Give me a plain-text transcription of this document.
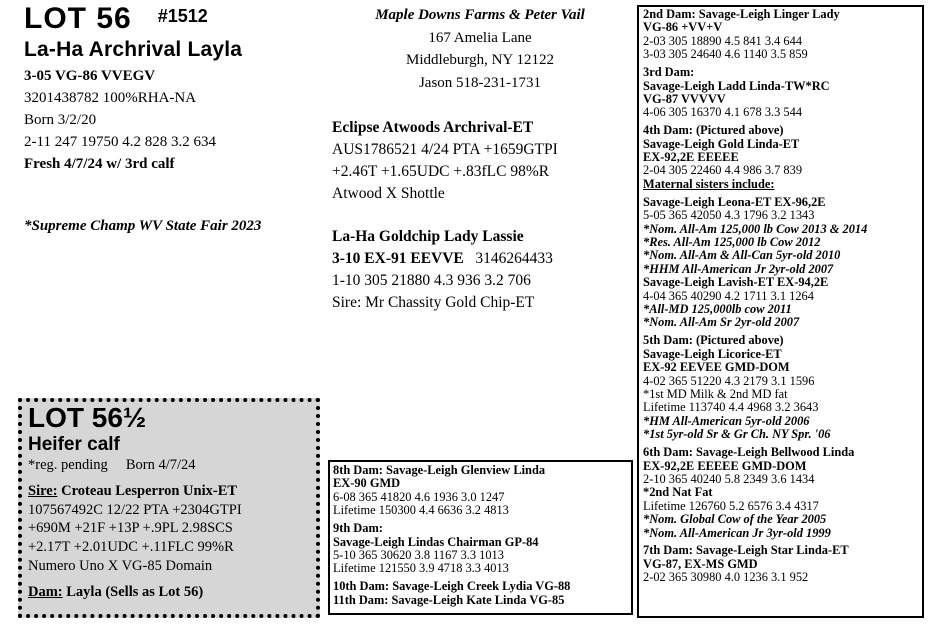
LOT 56 #1512
La-Ha Archrival Layla
3-05 VG-86 VVEGV
3201438782 100%RHA-NA
Born 3/2/20
2-11 247 19750 4.2 828 3.2 634
Fresh 4/7/24 w/ 3rd calf
*Supreme Champ WV State Fair 2023
Maple Downs Farms & Peter Vail
167 Amelia Lane
Middleburgh, NY 12122
Jason 518-231-1731
Eclipse Atwoods Archrival-ET
AUS1786521 4/24 PTA +1659GTPI
+2.46T +1.65UDC +.83fLC 98%R
Atwood X Shottle
La-Ha Goldchip Lady Lassie
3-10 EX-91 EEVVE 3146264433
1-10 305 21880 4.3 936 3.2 706
Sire: Mr Chassity Gold Chip-ET
2nd Dam: Savage-Leigh Linger Lady
VG-86 +VV+V
2-03 305 18890 4.5 841 3.4 644
3-03 305 24640 4.6 1140 3.5 859
3rd Dam:
Savage-Leigh Ladd Linda-TW*RC
VG-87 VVVVV
4-06 305 16370 4.1 678 3.3 544
4th Dam: (Pictured above)
Savage-Leigh Gold Linda-ET
EX-92,2E EEEEE
2-04 305 22460 4.4 986 3.7 839
Maternal sisters include:
Savage-Leigh Leona-ET EX-96,2E
5-05 365 42050 4.3 1796 3.2 1343
*Nom. All-Am 125,000 lb Cow 2013 & 2014
*Res. All-Am 125,000 lb Cow 2012
*Nom. All-Am & All-Can 5yr-old 2010
*HHM All-American Jr 2yr-old 2007
Savage-Leigh Lavish-ET EX-94,2E
4-04 365 40290 4.2 1711 3.1 1264
*All-MD 125,000lb cow 2011
*Nom. All-Am Sr 2yr-old 2007
5th Dam: (Pictured above)
Savage-Leigh Licorice-ET
EX-92 EEVEE GMD-DOM
4-02 365 51220 4.3 2179 3.1 1596
*1st MD Milk & 2nd MD fat
Lifetime 113740 4.4 4968 3.2 3643
*HM All-American 5yr-old 2006
*1st 5yr-old Sr & Gr Ch. NY Spr. '06
6th Dam: Savage-Leigh Bellwood Linda
EX-92,2E EEEEE GMD-DOM
2-10 365 40240 5.8 2349 3.6 1434
*2nd Nat Fat
Lifetime 126760 5.2 6576 3.4 4317
*Nom. Global Cow of the Year 2005
*Nom. All-American Jr 3yr-old 1999
7th Dam: Savage-Leigh Star Linda-ET
VG-87, EX-MS GMD
2-02 365 30980 4.0 1236 3.1 952
8th Dam: Savage-Leigh Glenview Linda
EX-90 GMD
6-08 365 41820 4.6 1936 3.0 1247
Lifetime 150300 4.4 6636 3.2 4813
9th Dam:
Savage-Leigh Lindas Chairman GP-84
5-10 365 30620 3.8 1167 3.3 1013
Lifetime 121550 3.9 4718 3.3 4013
10th Dam: Savage-Leigh Creek Lydia VG-88
11th Dam: Savage-Leigh Kate Linda VG-85
LOT 56½
Heifer calf
*reg. pending Born 4/7/24
Sire: Croteau Lesperron Unix-ET
107567492C 12/22 PTA +2304GTPI
+690M +21F +13P +.9PL 2.98SCS
+2.17T +2.01UDC +.11FLC 99%R
Numero Uno X VG-85 Domain
Dam: Layla (Sells as Lot 56)
